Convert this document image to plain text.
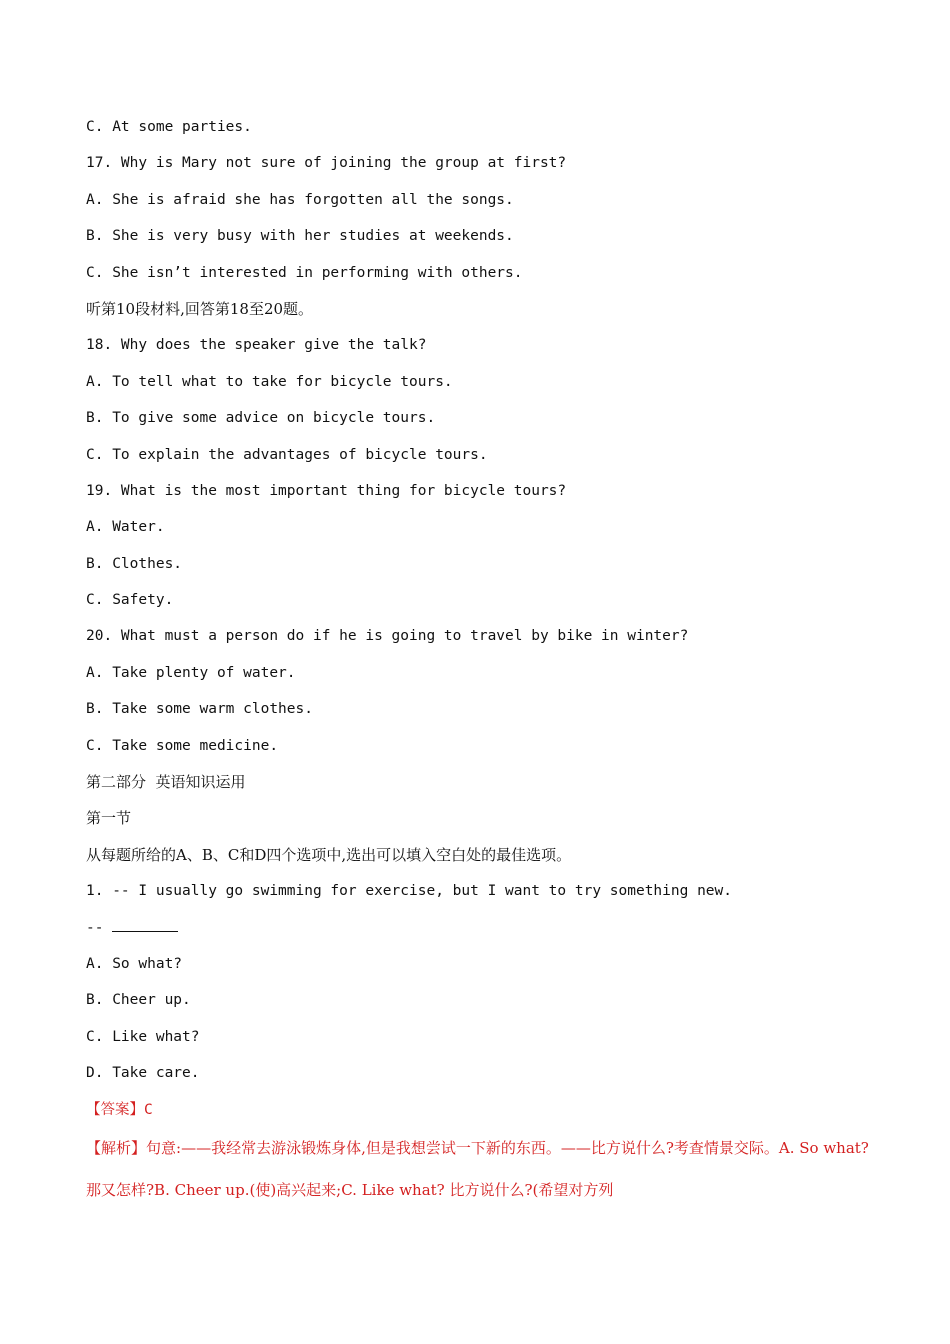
C. At some parties.
17. Why is Mary not sure of joining the group at first?
A. She is afraid she has forgotten all the songs.
B. She is very busy with her studies at weekends.
C. She isn’t interested in performing with others.
听第10段材料,回答第18至20题。
18. Why does the speaker give the talk?
A. To tell what to take for bicycle tours.
B. To give some advice on bicycle tours.
C. To explain the advantages of bicycle tours.
19. What is the most important thing for bicycle tours?
A. Water.
B. Clothes.
C. Safety.
20. What must a person do if he is going to travel by bike in winter?
A. Take plenty of water.
B. Take some warm clothes.
C. Take some medicine.
第二部分  英语知识运用
第一节
从每题所给的A、B、C和D四个选项中,选出可以填入空白处的最佳选项。
1. -- I usually go swimming for exercise, but I want to try something new.
--
A. So what?
B. Cheer up.
C. Like what?
D. Take care.
【答案】C
【解析】句意:——我经常去游泳锻炼身体,但是我想尝试一下新的东西。——比方说什么?考查情景交际。A. So what?那又怎样?B. Cheer up.(使)高兴起来;C. Like what? 比方说什么?(希望对方列
